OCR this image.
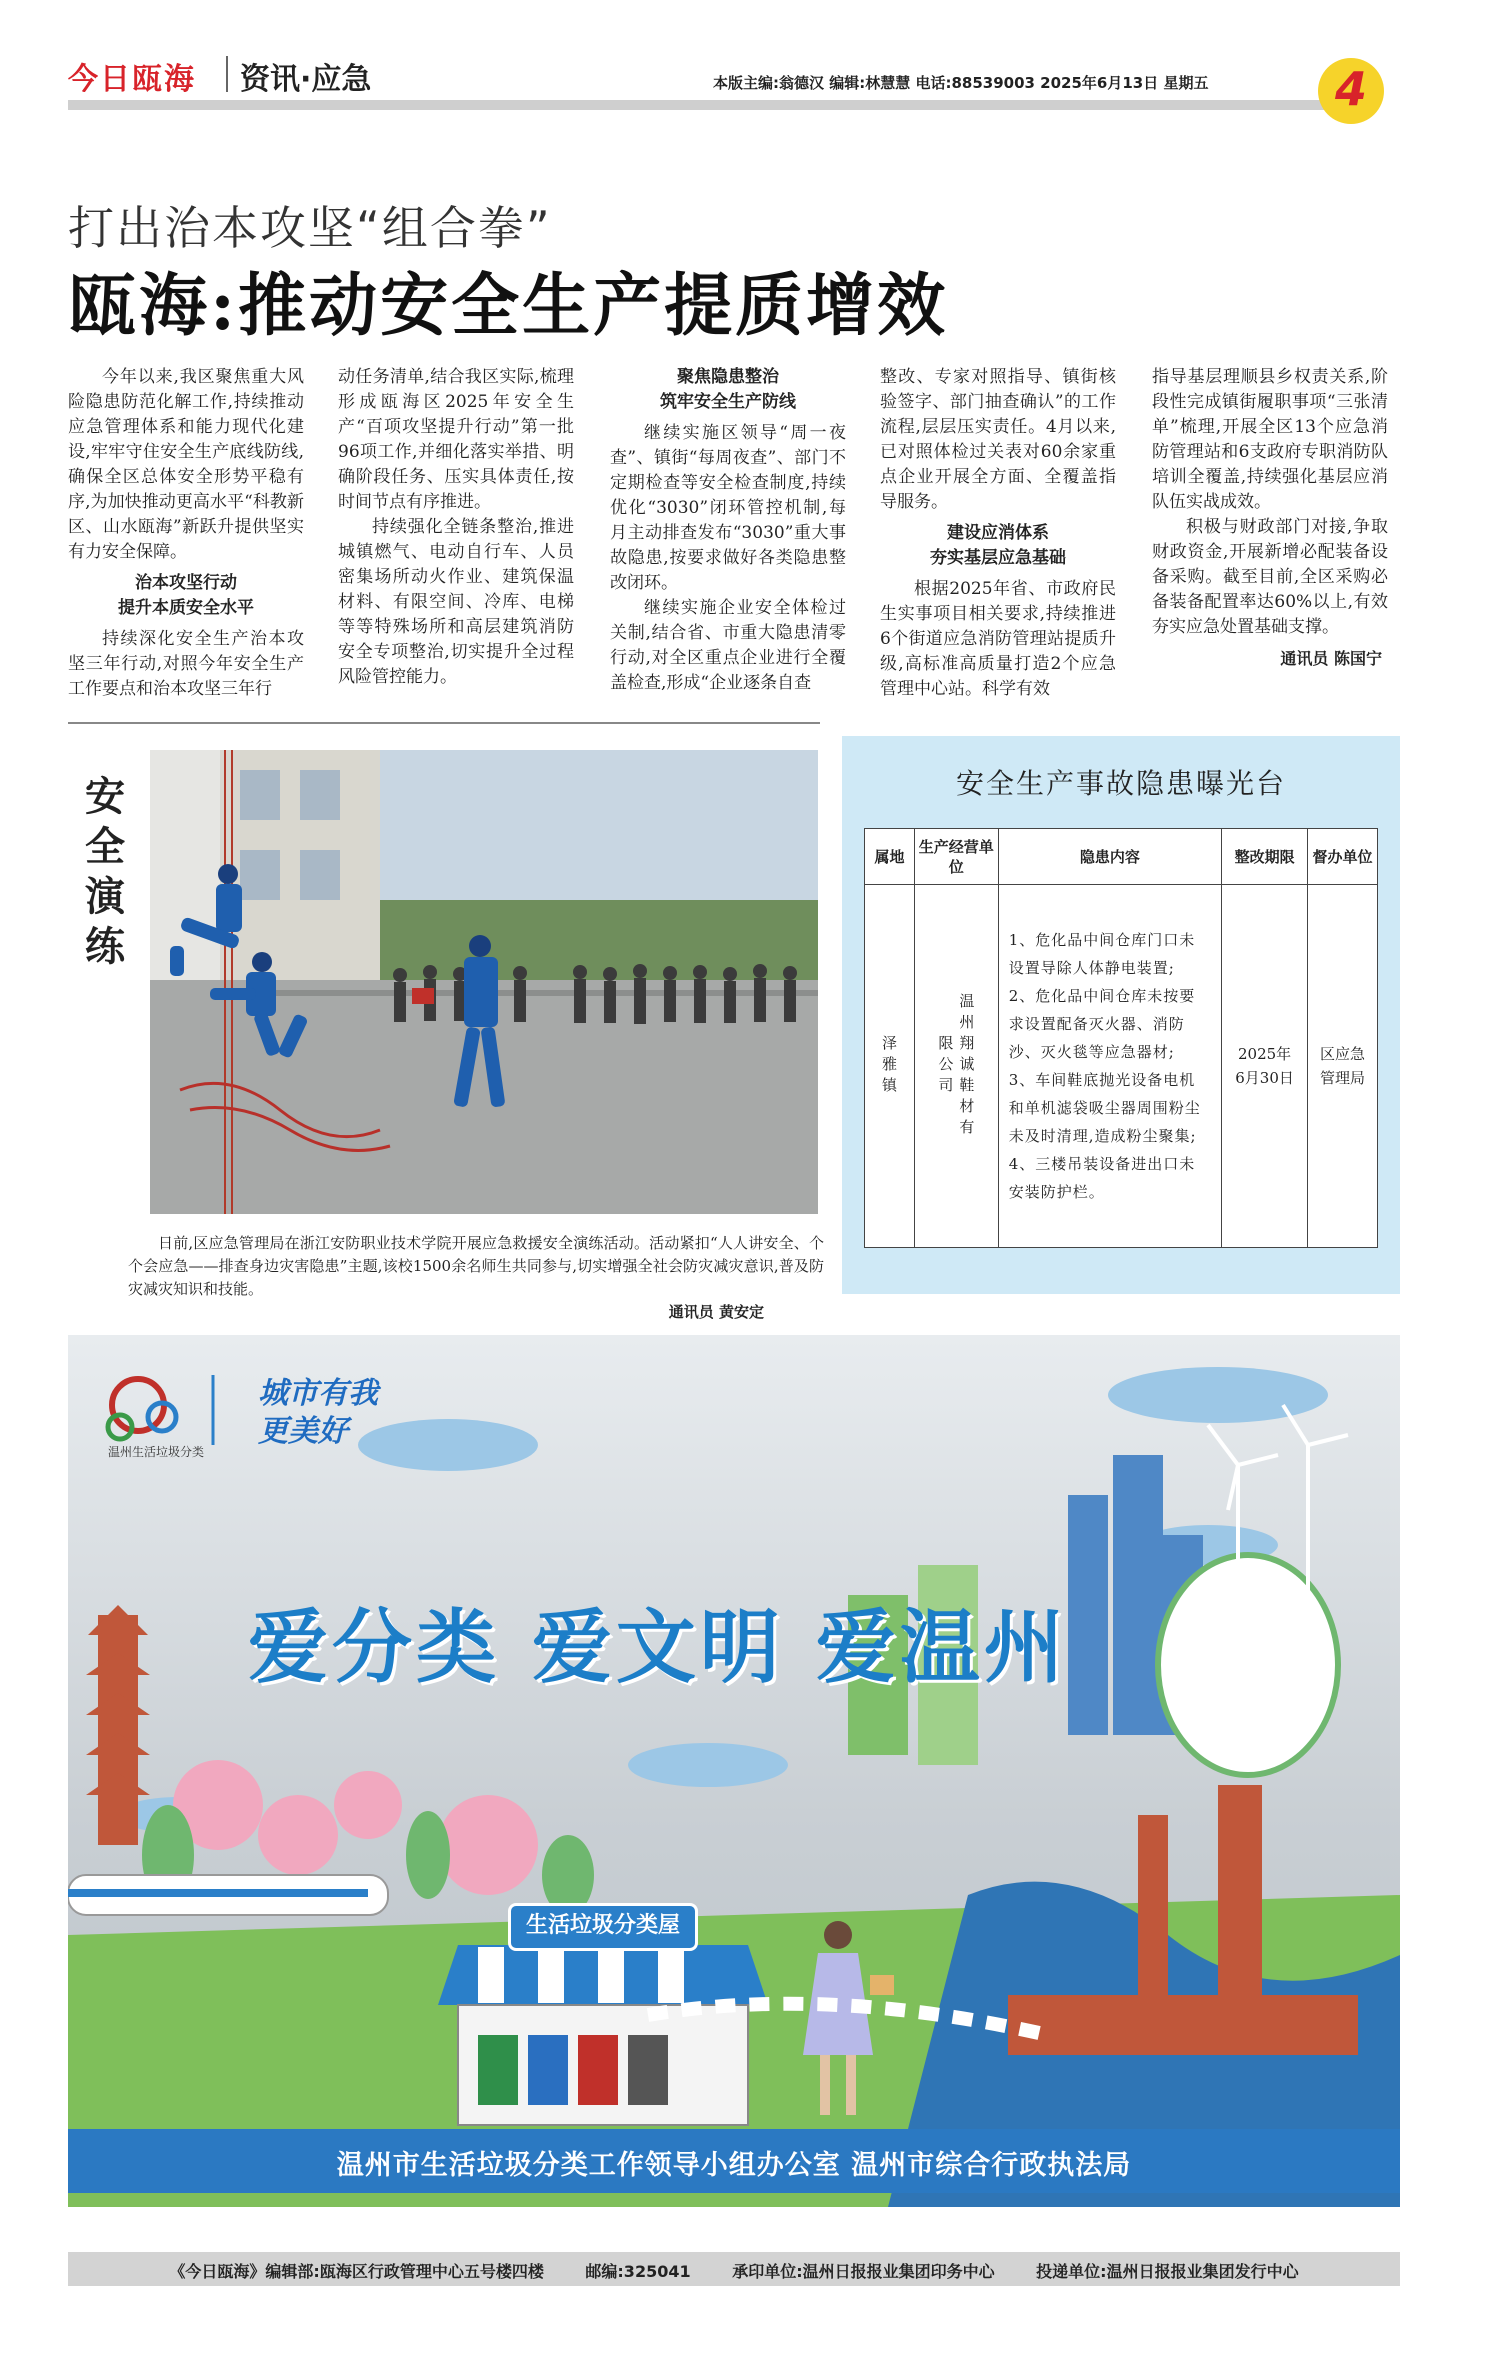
今日瓯海 资讯·应急	本版主编:翁德汉 编辑:林慧慧 电话:88539003 2025年6月13日 星期五	4
打出治本攻坚“组合拳”
瓯海:推动安全生产提质增效

今年以来,我区聚焦重大风险隐患防范化解工作,持续推动应急管理体系和能力现代化建设,牢牢守住安全生产底线防线,确保全区总体安全形势平稳有序,为加快推动更高水平“科教新区、山水瓯海”新跃升提供坚实有力安全保障。

治本攻坚行动
提升本质安全水平

持续深化安全生产治本攻坚三年行动,对照今年安全生产工作要点和治本攻坚三年行

动任务清单,结合我区实际,梳理形成瓯海区2025年安全生产“百项攻坚提升行动”第一批96项工作,并细化落实举措、明确阶段任务、压实具体责任,按时间节点有序推进。

持续强化全链条整治,推进城镇燃气、电动自行车、人员密集场所动火作业、建筑保温材料、有限空间、冷库、电梯等等特殊场所和高层建筑消防安全专项整治,切实提升全过程风险管控能力。

聚焦隐患整治
筑牢安全生产防线

继续实施区领导“周一夜查”、镇街“每周夜查”、部门不定期检查等安全检查制度,持续优化“3030”闭环管控机制,每月主动排查发布“3030”重大事故隐患,按要求做好各类隐患整改闭环。

继续实施企业安全体检过关制,结合省、市重大隐患清零行动,对全区重点企业进行全覆盖检查,形成“企业逐条自查

整改、专家对照指导、镇街核验签字、部门抽查确认”的工作流程,层层压实责任。4月以来,已对照体检过关表对60余家重点企业开展全方面、全覆盖指导服务。

建设应消体系
夯实基层应急基础

根据2025年省、市政府民生实事项目相关要求,持续推进6个街道应急消防管理站提质升级,高标准高质量打造2个应急管理中心站。科学有效

指导基层理顺县乡权责关系,阶段性完成镇街履职事项“三张清单”梳理,开展全区13个应急消防管理站和6支政府专职消防队培训全覆盖,持续强化基层应消队伍实战成效。

积极与财政部门对接,争取财政资金,开展新增必配装备设备采购。截至目前,全区采购必备装备配置率达60%以上,有效夯实应急处置基础支撑。

通讯员 陈国宁
安全演练
日前,区应急管理局在浙江安防职业技术学院开展应急救援安全演练活动。活动紧扣“人人讲安全、个个会应急——排查身边灾害隐患”主题,该校1500余名师生共同参与,切实增强全社会防灾减灾意识,普及防灾减灾知识和技能。
通讯员 黄安定
安全生产事故隐患曝光台
属地	生产经营单位	隐患内容	整改期限	督办单位

泽雅镇	温州翔诚鞋材有限公司	1、危化品中间仓库门口未设置导除人体静电装置;
2、危化品中间仓库未按要求设置配备灭火器、消防沙、灭火毯等应急器材;
3、车间鞋底抛光设备电机和单机滤袋吸尘器周围粉尘未及时清理,造成粉尘聚集;
4、三楼吊装设备进出口未安装防护栏。	2025年6月30日	区应急管理局
温州生活垃圾分类
城市有我更美好
爱分类 爱文明 爱温州
生活垃圾分类屋
温州市生活垃圾分类工作领导小组办公室 温州市综合行政执法局
《今日瓯海》编辑部:瓯海区行政管理中心五号楼四楼	邮编:325041	承印单位:温州日报报业集团印务中心	投递单位:温州日报报业集团发行中心
